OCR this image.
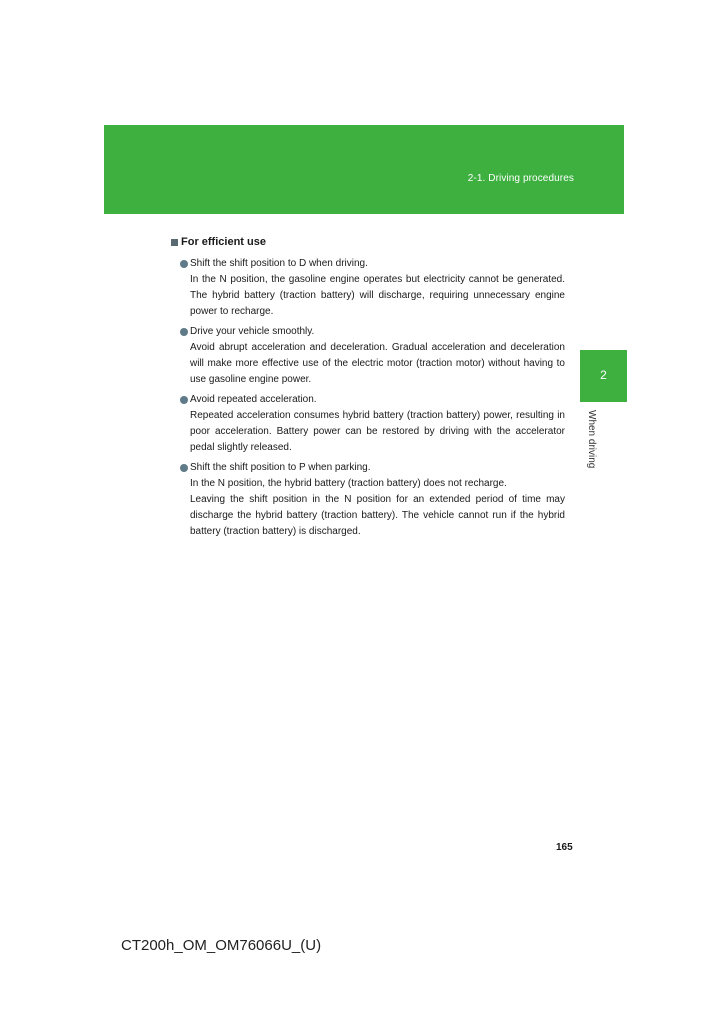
2-1. Driving procedures
2
When driving
For efficient use
Shift the shift position to D when driving.
In the N position, the gasoline engine operates but electricity cannot be generated. The hybrid battery (traction battery) will discharge, requiring unnecessary engine power to recharge.
Drive your vehicle smoothly.
Avoid abrupt acceleration and deceleration. Gradual acceleration and deceleration will make more effective use of the electric motor (traction motor) without having to use gasoline engine power.
Avoid repeated acceleration.
Repeated acceleration consumes hybrid battery (traction battery) power, resulting in poor acceleration. Battery power can be restored by driving with the accelerator pedal slightly released.
Shift the shift position to P when parking.
In the N position, the hybrid battery (traction battery) does not recharge.
Leaving the shift position in the N position for an extended period of time may discharge the hybrid battery (traction battery). The vehicle cannot run if the hybrid battery (traction battery) is discharged.
165
CT200h_OM_OM76066U_(U)
